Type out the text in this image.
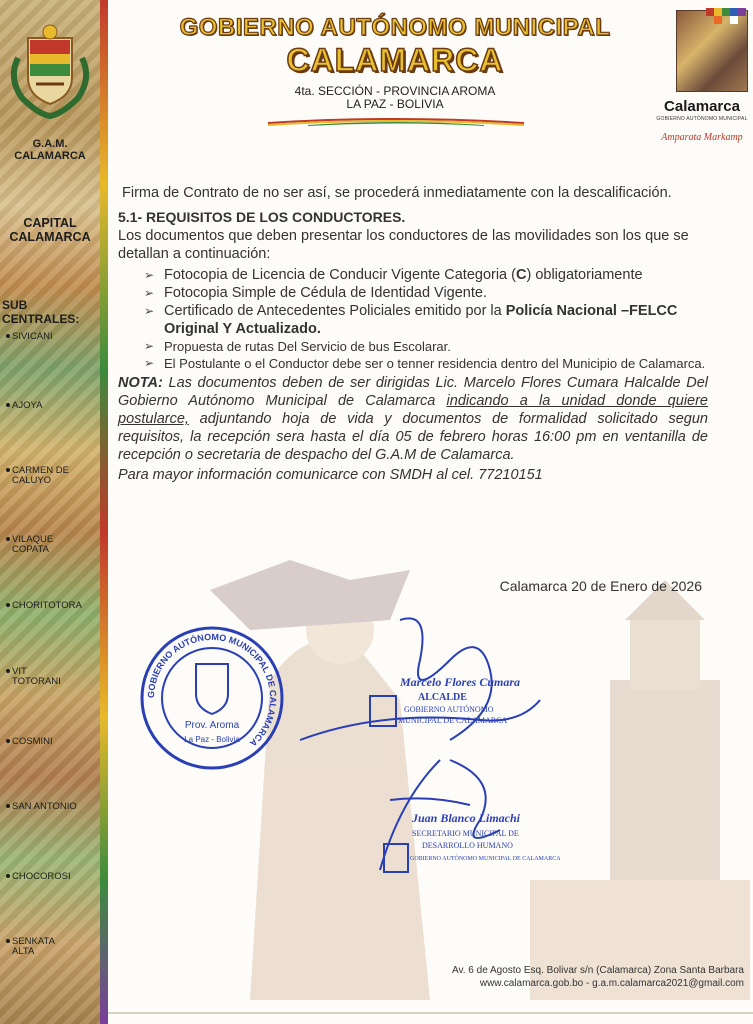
G.A.M. CALAMARCA
CAPITAL
CALAMARCA
SUB CENTRALES:
SIVICANI

AJOYA

CARMEN DE
CALUYO
VILAQUE
COPATA
CHORITOTORA

VIT
TOTORANI
COSMINI

SAN ANTONIO

CHOCOROSI

SENKATA
ALTA
GOBIERNO AUTÓNOMO MUNICIPAL
CALAMARCA
4ta. SECCIÓN - PROVINCIA AROMA
LA PAZ - BOLIVIA	Calamarca
GOBIERNO AUTÓNOMO MUNICIPAL
Amparata Markamp

Firma de Contrato de no ser así, se procederá inmediatamente con la descalificación.

5.1- REQUISITOS DE LOS CONDUCTORES.
Los documentos que deben presentar los conductores de las movilidades son los que se detallan a continuación:
➢ Fotocopia de Licencia de Conducir Vigente Categoria (C) obligatoriamente
➢ Fotocopia Simple de Cédula de Identidad Vigente.
➢ Certificado de Antecedentes Policiales emitido por la Policía Nacional –FELCC Original Y Actualizado.
➢ Propuesta de rutas Del Servicio de bus Escolarar.
➢ El Postulante o el Conductor debe ser o tenner residencia dentro del Municipio de Calamarca.

NOTA: Las documentos deben de ser dirigidas Lic. Marcelo Flores Cumara Halcalde Del Gobierno Autónomo Municipal de Calamarca indicando a la unidad donde quiere postularce, adjuntando hoja de vida y documentos de formalidad solicitado segun requisitos, la recepción sera hasta el día 05 de febrero horas 16:00 pm en ventanilla de recepción o secretaria de despacho del G.A.M de Calamarca.

Para mayor información comunicarce con SMDH al cel. 77210151

Calamarca 20 de Enero de 2026
GOBIERNO AUTÓNOMO MUNICIPAL DE CALAMARCA
Prov. Aroma
La Paz - Bolivia
Marcelo Flores Cumara
ALCALDE
GOBIERNO AUTÓNOMO
MUNICIPAL DE CALAMARCA
Juan Blanco Limachi
SECRETARIO MUNICIPAL DE
DESARROLLO HUMANO
GOBIERNO AUTÓNOMO MUNICIPAL DE CALAMARCA
Av. 6 de Agosto Esq. Bolivar s/n (Calamarca) Zona Santa Barbara
www.calamarca.gob.bo - g.a.m.calamarca2021@gmail.com
